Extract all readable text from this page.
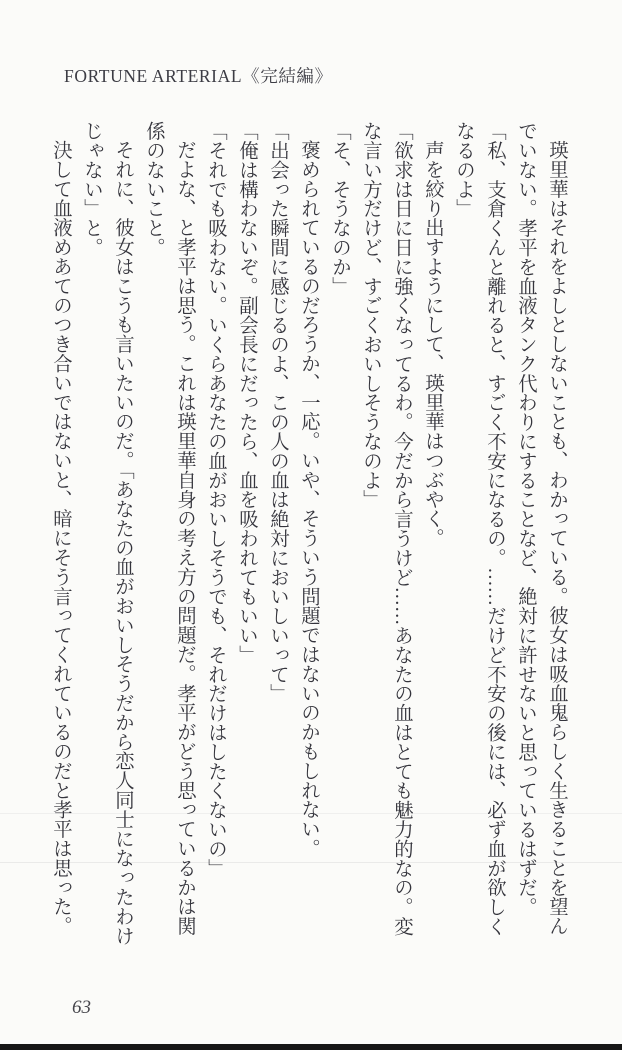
FORTUNE ARTERIAL《完結編》
瑛里華はそれをよしとしないことも、わかっている。彼女は吸血鬼らしく生きることを望ん
でいない。孝平を血液タンク代わりにすることなど、絶対に許せないと思っているはずだ。
「私、支倉くんと離れると、すごく不安になるの。……だけど不安の後には、必ず血が欲しく
なるのよ」
声を絞り出すようにして、瑛里華はつぶやく。
「欲求は日に日に強くなってるわ。今だから言うけど……あなたの血はとても魅力的なの。変
な言い方だけど、すごくおいしそうなのよ」
「そ、そうなのか」
褒められているのだろうか、一応。いや、そういう問題ではないのかもしれない。
「出会った瞬間に感じるのよ、この人の血は絶対においしいって」
「俺は構わないぞ。副会長にだったら、血を吸われてもいい」
「それでも吸わない。いくらあなたの血がおいしそうでも、それだけはしたくないの」
だよな、と孝平は思う。これは瑛里華自身の考え方の問題だ。孝平がどう思っているかは関
係のないこと。
それに、彼女はこうも言いたいのだ。「あなたの血がおいしそうだから恋人同士になったわけ
じゃない」と。
決して血液めあてのつき合いではないと、暗にそう言ってくれているのだと孝平は思った。
63
